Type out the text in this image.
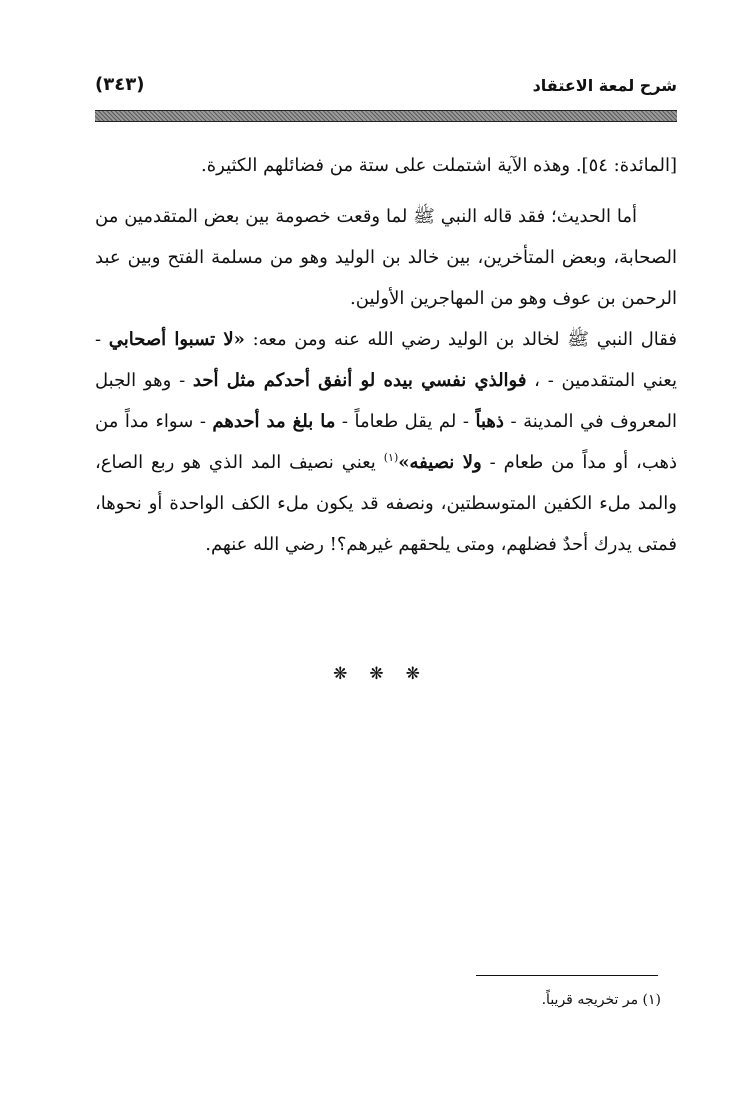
شرح لمعة الاعتقاد
(٣٤٣)

[المائدة: ٥٤]. وهذه الآية اشتملت على ستة من فضائلهم الكثيرة.

أما الحديث؛ فقد قاله النبي ﷺ لما وقعت خصومة بين بعض المتقدمين من الصحابة، وبعض المتأخرين، بين خالد بن الوليد وهو من مسلمة الفتح وبين عبد الرحمن بن عوف وهو من المهاجرين الأولين.

فقال النبي ﷺ لخالد بن الوليد رضي الله عنه ومن معه: «لا تسبوا أصحابي - يعني المتقدمين - ، فوالذي نفسي بيده لو أنفق أحدكم مثل أحد - وهو الجبل المعروف في المدينة - ذهباً - لم يقل طعاماً - ما بلغ مد أحدهم - سواء مداً من ذهب، أو مداً من طعام - ولا نصيفه»$^{(١)}$ يعني نصيف المد الذي هو ربع الصاع، والمد ملء الكفين المتوسطتين، ونصفه قد يكون ملء الكف الواحدة أو نحوها، فمتى يدرك أحدٌ فضلهم، ومتى يلحقهم غيرهم؟! رضي الله عنهم.

❋ ❋ ❋
(١) مر تخريجه قريباً.
